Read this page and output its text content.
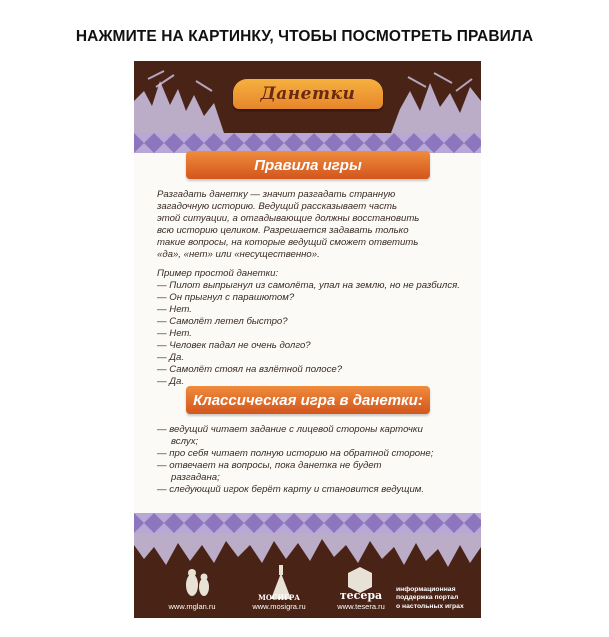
НАЖМИТЕ НА КАРТИНКУ, ЧТОБЫ ПОСМОТРЕТЬ ПРАВИЛА
Данетки
Правила игры
Разгадать данетку — значит разгадать странную
загадочную историю. Ведущий рассказывает часть
этой ситуации, а отгадывающие должны восстановить
всю историю целиком. Разрешается задавать только
такие вопросы, на которые ведущий сможет ответить
«да», «нет» или «несущественно».
Пример простой данетки:
— Пилот выпрыгнул из самолёта, упал на землю, но не разбился.
— Он прыгнул с парашютом?
— Нет.
— Самолёт летел быстро?
— Нет.
— Человек падал не очень долго?
— Да.
— Самолёт стоял на взлётной полосе?
— Да.
Классическая игра в данетки:
— ведущий читает задание с лицевой стороны карточки
вслух;
— про себя читает полную историю на обратной стороне;
— отвечает на вопросы, пока данетка не будет
разгадана;
— следующий игрок берёт карту и становится ведущим.
www.mglan.ru
МОСИГРА
www.mosigra.ru
тесера
www.tesera.ru
информационная
поддержка портал
о настольных играх
